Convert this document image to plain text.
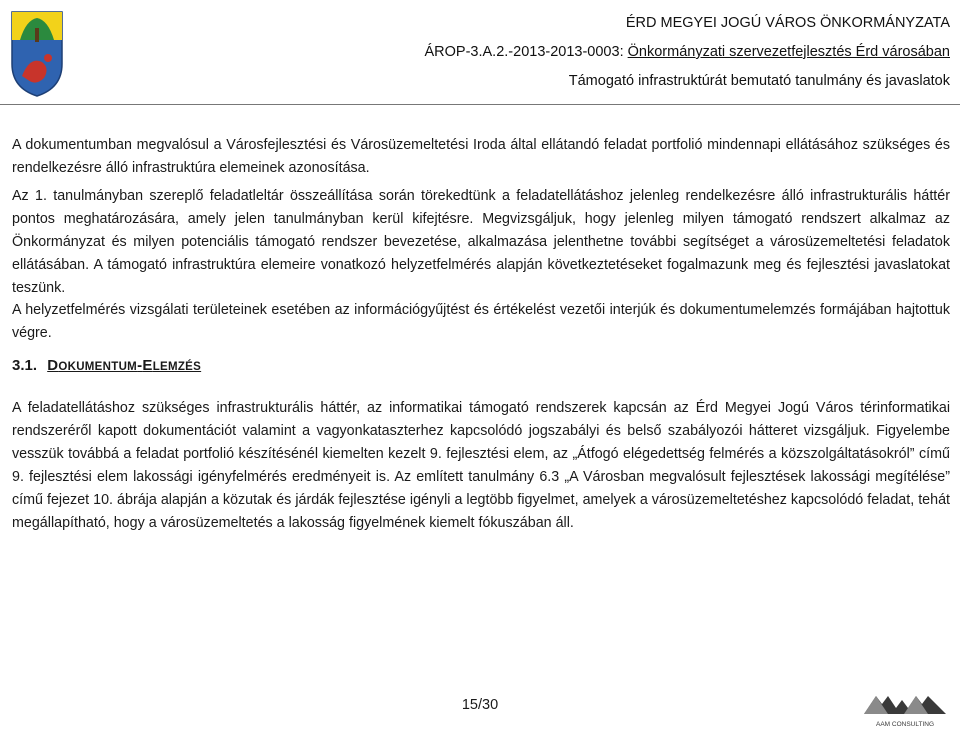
ÉRD MEGYEI JOGÚ VÁROS ÖNKORMÁNYZATA
ÁROP-3.A.2.-2013-2013-0003: Önkormányzati szervezetfejlesztés Érd városában
Támogató infrastruktúrát bemutató tanulmány és javaslatok

A dokumentumban megvalósul a Városfejlesztési és Városüzemeltetési Iroda által ellátandó feladat portfolió mindennapi ellátásához szükséges és rendelkezésre álló infrastruktúra elemeinek azonosítása.

Az 1. tanulmányban szereplő feladatleltár összeállítása során törekedtünk a feladatellátáshoz jelenleg rendelkezésre álló infrastrukturális háttér pontos meghatározására, amely jelen tanulmányban kerül kifejtésre. Megvizsgáljuk, hogy jelenleg milyen támogató rendszert alkalmaz az Önkormányzat és milyen potenciális támogató rendszer bevezetése, alkalmazása jelenthetne további segítséget a városüzemeltetési feladatok ellátásában. A támogató infrastruktúra elemeire vonatkozó helyzetfelmérés alapján következtetéseket fogalmazunk meg és fejlesztési javaslatokat teszünk.

A helyzetfelmérés vizsgálati területeinek esetében az információgyűjtést és értékelést vezetői interjúk és dokumentumelemzés formájában hajtottuk végre.

3.1. DOKUMENTUM-ELEMZÉS

A feladatellátáshoz szükséges infrastrukturális háttér, az informatikai támogató rendszerek kapcsán az Érd Megyei Jogú Város térinformatikai rendszeréről kapott dokumentációt valamint a vagyonkataszterhez kapcsolódó jogszabályi és belső szabályozói hátteret vizsgáljuk. Figyelembe vesszük továbbá a feladat portfolió készítésénél kiemelten kezelt 9. fejlesztési elem, az „Átfogó elégedettség felmérés a közszolgáltatásokról” című 9. fejlesztési elem lakossági igényfelmérés eredményeit is. Az említett tanulmány 6.3 „A Városban megvalósult fejlesztések lakossági megítélése” című fejezet 10. ábrája alapján a közutak és járdák fejlesztése igényli a legtöbb figyelmet, amelyek a városüzemeltetéshez kapcsolódó feladat, tehát megállapítható, hogy a városüzemeltetés a lakosság figyelmének kiemelt fókuszában áll.

15/30
AAM CONSULTING
